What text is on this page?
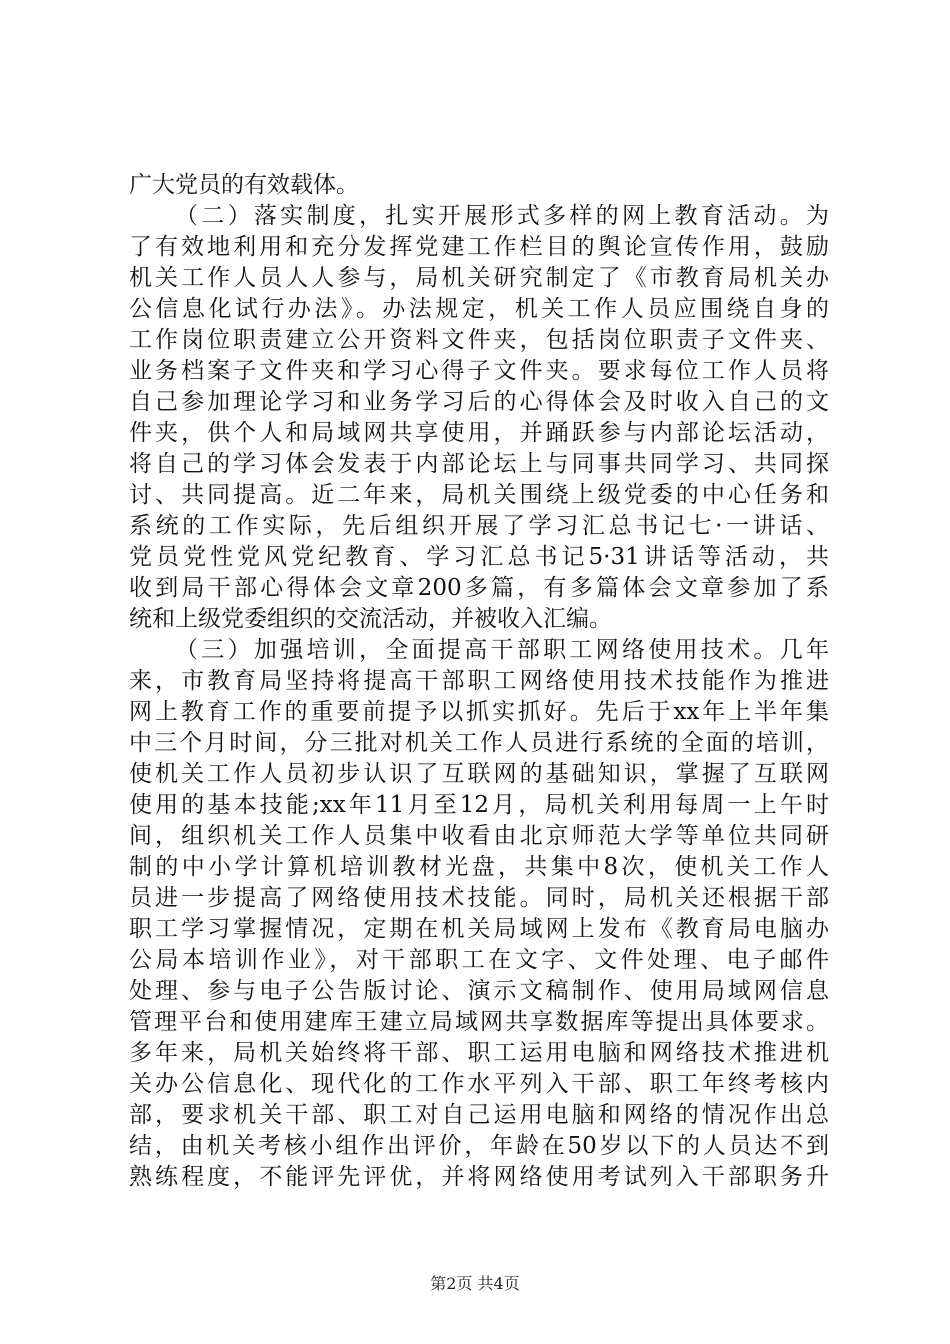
广大党员的有效载体。
（二）落实制度，扎实开展形式多样的网上教育活动。为
了有效地利用和充分发挥党建工作栏目的舆论宣传作用，鼓励
机关工作人员人人参与，局机关研究制定了《市教育局机关办
公信息化试行办法》。办法规定，机关工作人员应围绕自身的
工作岗位职责建立公开资料文件夹，包括岗位职责子文件夹、
业务档案子文件夹和学习心得子文件夹。要求每位工作人员将
自己参加理论学习和业务学习后的心得体会及时收入自己的文
件夹，供个人和局域网共享使用，并踊跃参与内部论坛活动，
将自己的学习体会发表于内部论坛上与同事共同学习、共同探
讨、共同提高。近二年来，局机关围绕上级党委的中心任务和
系统的工作实际，先后组织开展了学习汇总书记七·一讲话、
党员党性党风党纪教育、学习汇总书记5·31讲话等活动，共
收到局干部心得体会文章200多篇，有多篇体会文章参加了系
统和上级党委组织的交流活动，并被收入汇编。
（三）加强培训，全面提高干部职工网络使用技术。几年
来，市教育局坚持将提高干部职工网络使用技术技能作为推进
网上教育工作的重要前提予以抓实抓好。先后于xx年上半年集
中三个月时间，分三批对机关工作人员进行系统的全面的培训，
使机关工作人员初步认识了互联网的基础知识，掌握了互联网
使用的基本技能;xx年11月至12月，局机关利用每周一上午时
间，组织机关工作人员集中收看由北京师范大学等单位共同研
制的中小学计算机培训教材光盘，共集中8次，使机关工作人
员进一步提高了网络使用技术技能。同时，局机关还根据干部
职工学习掌握情况，定期在机关局域网上发布《教育局电脑办
公局本培训作业》，对干部职工在文字、文件处理、电子邮件
处理、参与电子公告版讨论、演示文稿制作、使用局域网信息
管理平台和使用建库王建立局域网共享数据库等提出具体要求。
多年来，局机关始终将干部、职工运用电脑和网络技术推进机
关办公信息化、现代化的工作水平列入干部、职工年终考核内
部，要求机关干部、职工对自己运用电脑和网络的情况作出总
结，由机关考核小组作出评价，年龄在50岁以下的人员达不到
熟练程度，不能评先评优，并将网络使用考试列入干部职务升
第2页 共4页
